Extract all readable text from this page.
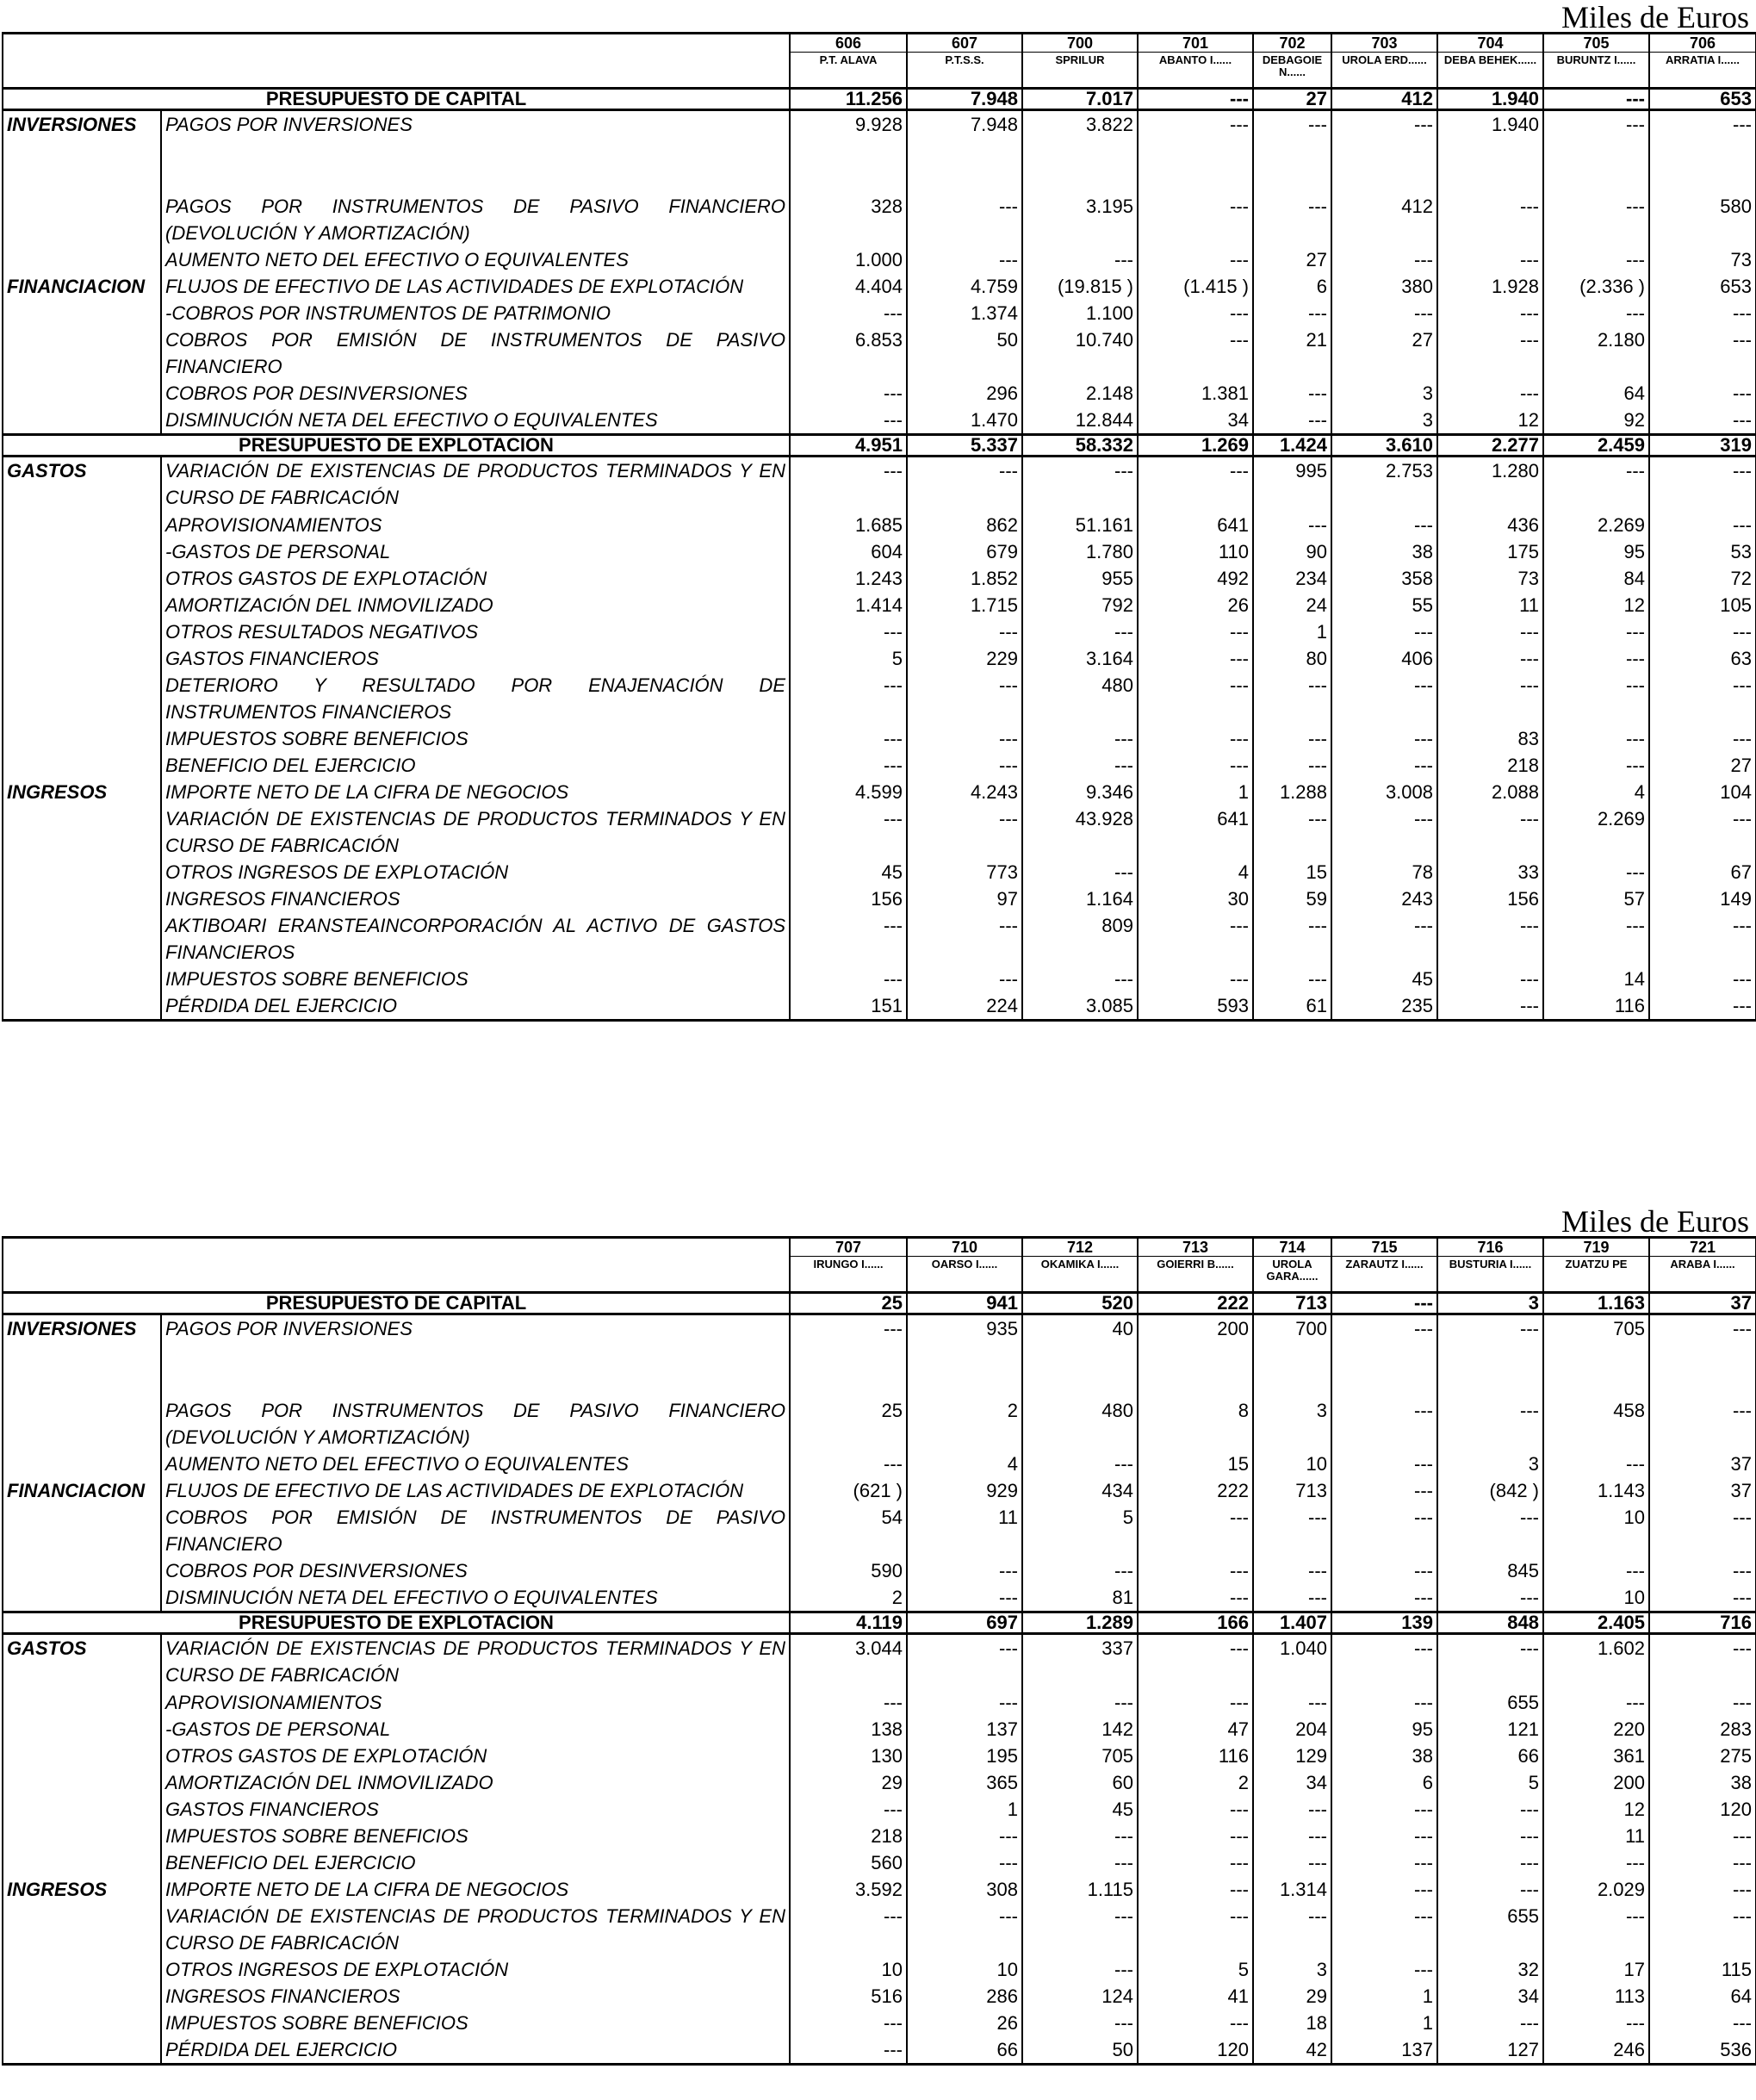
Miles de Euros
		606	607	700	701	702	703	704	705	706
		P.T. ALAVA	P.T.S.S.	SPRILUR	ABANTO I......	DEBAGOIE N......	UROLA ERD......	DEBA BEHEK......	BURUNTZ I......	ARRATIA I......
PRESUPUESTO DE CAPITAL		11.256	7.948	7.017	---	27	412	1.940	---	653
INVERSIONES	PAGOS POR INVERSIONES	9.928	7.948	3.822	---	---	---	1.940	---	---
	PAGOS POR INSTRUMENTOS DE PASIVO FINANCIERO (DEVOLUCIÓN Y AMORTIZACIÓN)	328	---	3.195	---	---	412	---	---	580
	AUMENTO NETO DEL EFECTIVO O EQUIVALENTES	1.000	---	---	---	27	---	---	---	73
FINANCIACION	FLUJOS DE EFECTIVO DE LAS ACTIVIDADES DE EXPLOTACIÓN	4.404	4.759	(19.815 )	(1.415 )	6	380	1.928	(2.336 )	653
	-COBROS POR INSTRUMENTOS DE PATRIMONIO	---	1.374	1.100	---	---	---	---	---	---
	COBROS POR EMISIÓN DE INSTRUMENTOS DE PASIVO FINANCIERO	6.853	50	10.740	---	21	27	---	2.180	---
	COBROS POR DESINVERSIONES	---	296	2.148	1.381	---	3	---	64	---
	DISMINUCIÓN NETA DEL EFECTIVO O EQUIVALENTES	---	1.470	12.844	34	---	3	12	92	---
PRESUPUESTO DE EXPLOTACION		4.951	5.337	58.332	1.269	1.424	3.610	2.277	2.459	319
GASTOS	VARIACIÓN DE EXISTENCIAS DE PRODUCTOS TERMINADOS Y EN CURSO DE FABRICACIÓN	---	---	---	---	995	2.753	1.280	---	---
	APROVISIONAMIENTOS	1.685	862	51.161	641	---	---	436	2.269	---
	-GASTOS DE PERSONAL	604	679	1.780	110	90	38	175	95	53
	OTROS GASTOS DE EXPLOTACIÓN	1.243	1.852	955	492	234	358	73	84	72
	AMORTIZACIÓN DEL INMOVILIZADO	1.414	1.715	792	26	24	55	11	12	105
	OTROS RESULTADOS NEGATIVOS	---	---	---	---	1	---	---	---	---
	GASTOS FINANCIEROS	5	229	3.164	---	80	406	---	---	63
	DETERIORO Y RESULTADO POR ENAJENACIÓN DE INSTRUMENTOS FINANCIEROS	---	---	480	---	---	---	---	---	---
	IMPUESTOS SOBRE BENEFICIOS	---	---	---	---	---	---	83	---	---
	BENEFICIO DEL EJERCICIO	---	---	---	---	---	---	218	---	27
INGRESOS	IMPORTE NETO DE LA CIFRA DE NEGOCIOS	4.599	4.243	9.346	1	1.288	3.008	2.088	4	104
	VARIACIÓN DE EXISTENCIAS DE PRODUCTOS TERMINADOS Y EN CURSO DE FABRICACIÓN	---	---	43.928	641	---	---	---	2.269	---
	OTROS INGRESOS DE EXPLOTACIÓN	45	773	---	4	15	78	33	---	67
	INGRESOS FINANCIEROS	156	97	1.164	30	59	243	156	57	149
	AKTIBOARI ERANSTEAINCORPORACIÓN AL ACTIVO DE GASTOS FINANCIEROS	---	---	809	---	---	---	---	---	---
	IMPUESTOS SOBRE BENEFICIOS	---	---	---	---	---	45	---	14	---
	PÉRDIDA DEL EJERCICIO	151	224	3.085	593	61	235	---	116	---
Miles de Euros
		707	710	712	713	714	715	716	719	721
		IRUNGO I......	OARSO I......	OKAMIKA I......	GOIERRI B......	UROLA GARA......	ZARAUTZ I......	BUSTURIA I......	ZUATZU PE	ARABA I......
PRESUPUESTO DE CAPITAL		25	941	520	222	713	---	3	1.163	37
INVERSIONES	PAGOS POR INVERSIONES	---	935	40	200	700	---	---	705	---
	PAGOS POR INSTRUMENTOS DE PASIVO FINANCIERO (DEVOLUCIÓN Y AMORTIZACIÓN)	25	2	480	8	3	---	---	458	---
	AUMENTO NETO DEL EFECTIVO O EQUIVALENTES	---	4	---	15	10	---	3	---	37
FINANCIACION	FLUJOS DE EFECTIVO DE LAS ACTIVIDADES DE EXPLOTACIÓN	(621 )	929	434	222	713	---	(842 )	1.143	37
	COBROS POR EMISIÓN DE INSTRUMENTOS DE PASIVO FINANCIERO	54	11	5	---	---	---	---	10	---
	COBROS POR DESINVERSIONES	590	---	---	---	---	---	845	---	---
	DISMINUCIÓN NETA DEL EFECTIVO O EQUIVALENTES	2	---	81	---	---	---	---	10	---
PRESUPUESTO DE EXPLOTACION		4.119	697	1.289	166	1.407	139	848	2.405	716
GASTOS	VARIACIÓN DE EXISTENCIAS DE PRODUCTOS TERMINADOS Y EN CURSO DE FABRICACIÓN	3.044	---	337	---	1.040	---	---	1.602	---
	APROVISIONAMIENTOS	---	---	---	---	---	---	655	---	---
	-GASTOS DE PERSONAL	138	137	142	47	204	95	121	220	283
	OTROS GASTOS DE EXPLOTACIÓN	130	195	705	116	129	38	66	361	275
	AMORTIZACIÓN DEL INMOVILIZADO	29	365	60	2	34	6	5	200	38
	GASTOS FINANCIEROS	---	1	45	---	---	---	---	12	120
	IMPUESTOS SOBRE BENEFICIOS	218	---	---	---	---	---	---	11	---
	BENEFICIO DEL EJERCICIO	560	---	---	---	---	---	---	---	---
INGRESOS	IMPORTE NETO DE LA CIFRA DE NEGOCIOS	3.592	308	1.115	---	1.314	---	---	2.029	---
	VARIACIÓN DE EXISTENCIAS DE PRODUCTOS TERMINADOS Y EN CURSO DE FABRICACIÓN	---	---	---	---	---	---	655	---	---
	OTROS INGRESOS DE EXPLOTACIÓN	10	10	---	5	3	---	32	17	115
	INGRESOS FINANCIEROS	516	286	124	41	29	1	34	113	64
	IMPUESTOS SOBRE BENEFICIOS	---	26	---	---	18	1	---	---	---
	PÉRDIDA DEL EJERCICIO	---	66	50	120	42	137	127	246	536
